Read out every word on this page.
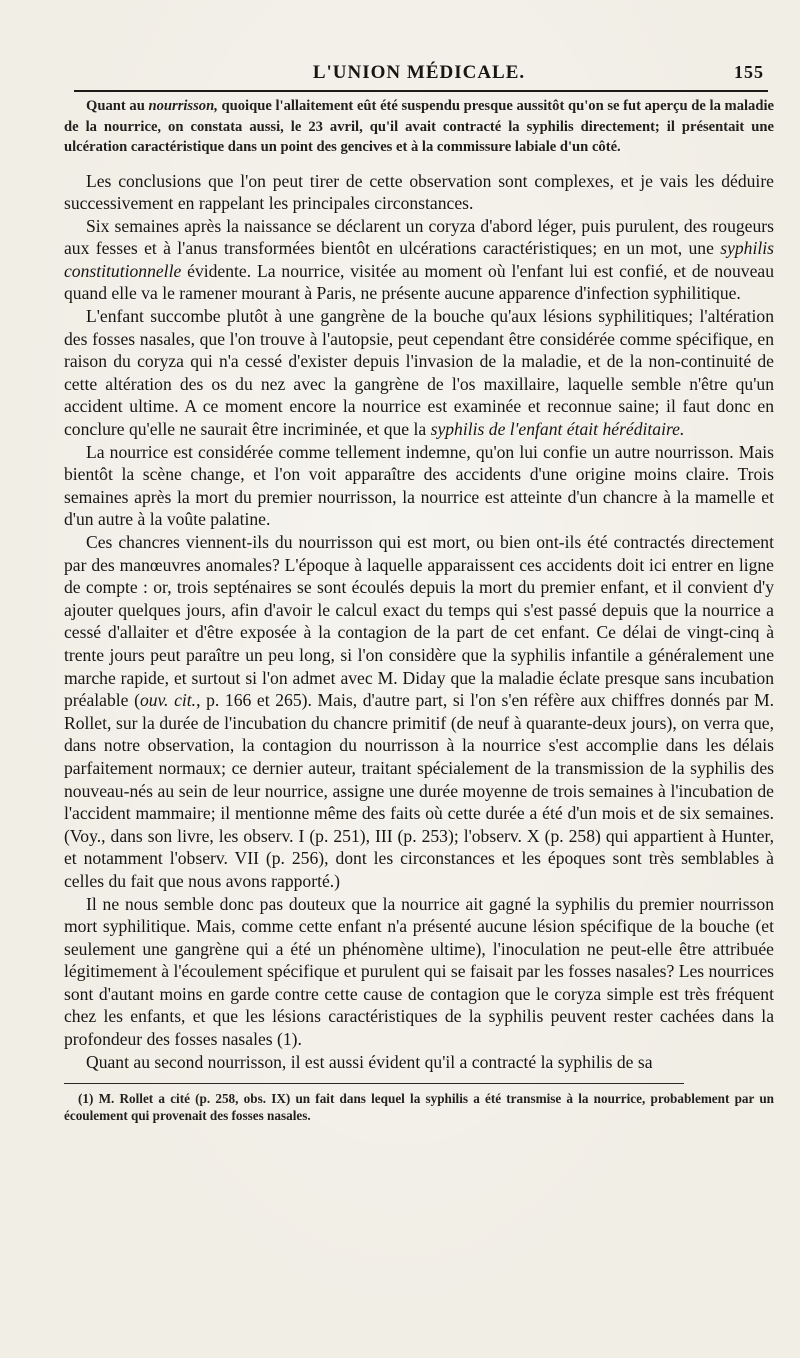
L'UNION MÉDICALE.	155

Quant au nourrisson, quoique l'allaitement eût été suspendu presque aussitôt qu'on se fut aperçu de la maladie de la nourrice, on constata aussi, le 23 avril, qu'il avait contracté la syphilis directement; il présentait une ulcération caractéristique dans un point des gencives et à la commissure labiale d'un côté.

Les conclusions que l'on peut tirer de cette observation sont complexes, et je vais les déduire successivement en rappelant les principales circonstances.

Six semaines après la naissance se déclarent un coryza d'abord léger, puis purulent, des rougeurs aux fesses et à l'anus transformées bientôt en ulcérations caractéristiques; en un mot, une syphilis constitutionnelle évidente. La nourrice, visitée au moment où l'enfant lui est confié, et de nouveau quand elle va le ramener mourant à Paris, ne présente aucune apparence d'infection syphilitique.

L'enfant succombe plutôt à une gangrène de la bouche qu'aux lésions syphilitiques; l'altération des fosses nasales, que l'on trouve à l'autopsie, peut cependant être considérée comme spécifique, en raison du coryza qui n'a cessé d'exister depuis l'invasion de la maladie, et de la non-continuité de cette altération des os du nez avec la gangrène de l'os maxillaire, laquelle semble n'être qu'un accident ultime. A ce moment encore la nourrice est examinée et reconnue saine; il faut donc en conclure qu'elle ne saurait être incriminée, et que la syphilis de l'enfant était héréditaire.

La nourrice est considérée comme tellement indemne, qu'on lui confie un autre nourrisson. Mais bientôt la scène change, et l'on voit apparaître des accidents d'une origine moins claire. Trois semaines après la mort du premier nourrisson, la nourrice est atteinte d'un chancre à la mamelle et d'un autre à la voûte palatine.

Ces chancres viennent-ils du nourrisson qui est mort, ou bien ont-ils été contractés directement par des manœuvres anomales? L'époque à laquelle apparaissent ces accidents doit ici entrer en ligne de compte : or, trois septénaires se sont écoulés depuis la mort du premier enfant, et il convient d'y ajouter quelques jours, afin d'avoir le calcul exact du temps qui s'est passé depuis que la nourrice a cessé d'allaiter et d'être exposée à la contagion de la part de cet enfant. Ce délai de vingt-cinq à trente jours peut paraître un peu long, si l'on considère que la syphilis infantile a généralement une marche rapide, et surtout si l'on admet avec M. Diday que la maladie éclate presque sans incubation préalable (ouv. cit., p. 166 et 265). Mais, d'autre part, si l'on s'en réfère aux chiffres donnés par M. Rollet, sur la durée de l'incubation du chancre primitif (de neuf à quarante-deux jours), on verra que, dans notre observation, la contagion du nourrisson à la nourrice s'est accomplie dans les délais parfaitement normaux; ce dernier auteur, traitant spécialement de la transmission de la syphilis des nouveau-nés au sein de leur nourrice, assigne une durée moyenne de trois semaines à l'incubation de l'accident mammaire; il mentionne même des faits où cette durée a été d'un mois et de six semaines. (Voy., dans son livre, les observ. I (p. 251), III (p. 253); l'observ. X (p. 258) qui appartient à Hunter, et notamment l'observ. VII (p. 256), dont les circonstances et les époques sont très semblables à celles du fait que nous avons rapporté.)

Il ne nous semble donc pas douteux que la nourrice ait gagné la syphilis du premier nourrisson mort syphilitique. Mais, comme cette enfant n'a présenté aucune lésion spécifique de la bouche (et seulement une gangrène qui a été un phénomène ultime), l'inoculation ne peut-elle être attribuée légitimement à l'écoulement spécifique et purulent qui se faisait par les fosses nasales? Les nourrices sont d'autant moins en garde contre cette cause de contagion que le coryza simple est très fréquent chez les enfants, et que les lésions caractéristiques de la syphilis peuvent rester cachées dans la profondeur des fosses nasales (1).

Quant au second nourrisson, il est aussi évident qu'il a contracté la syphilis de sa

(1) M. Rollet a cité (p. 258, obs. IX) un fait dans lequel la syphilis a été transmise à la nourrice, probablement par un écoulement qui provenait des fosses nasales.
